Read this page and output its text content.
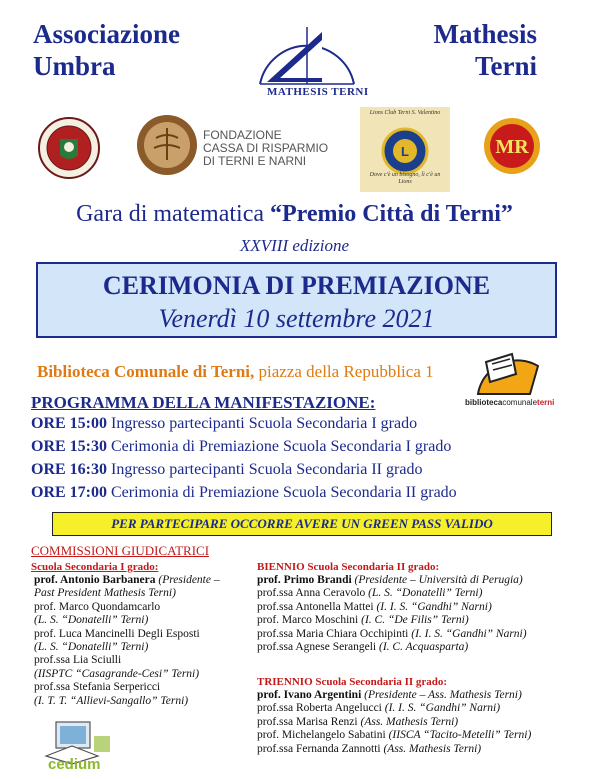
Associazione
Umbra
Mathesis
Terni
MATHESIS TERNI
FONDAZIONE
CASSA DI RISPARMIO
DI TERNI E NARNI
L
Lions Club Terni S. Valentino
Dove c'è un bisogno, lì c'è un Lions
MR
Gara di matematica “Premio Città di Terni”
XXVIII edizione
CERIMONIA DI PREMIAZIONE
Venerdì 10 settembre 2021
Biblioteca Comunale di Terni, piazza della Repubblica 1
bibliotecacomunaleterni
PROGRAMMA DELLA MANIFESTAZIONE:
ORE 15:00 Ingresso partecipanti Scuola Secondaria I grado
ORE 15:30 Cerimonia di Premiazione Scuola Secondaria I grado
ORE 16:30 Ingresso partecipanti Scuola Secondaria II grado
ORE 17:00 Cerimonia di Premiazione Scuola Secondaria II grado
PER PARTECIPARE OCCORRE AVERE UN GREEN PASS VALIDO
COMMISSIONI GIUDICATRICI
Scuola Secondaria I grado:	BIENNIO Scuola Secondaria II grado:
TRIENNIO Scuola Secondaria II grado:
prof. Antonio Barbanera (Presidente –
Past President Mathesis Terni)
prof. Marco Quondamcarlo
(L. S. “Donatelli” Terni)
prof. Luca Mancinelli Degli Esposti
(L. S. “Donatelli” Terni)
prof.ssa Lia Sciulli
(IISPTC “Casagrande-Cesi” Terni)
prof.ssa Stefania Serpericci
(I. T. T. “Allievi-Sangallo” Terni)
prof. Primo Brandi (Presidente – Università di Perugia)
prof.ssa Anna Ceravolo (L. S. “Donatelli” Terni)
prof.ssa Antonella Mattei (I. I. S. “Gandhi” Narni)
prof. Marco Moschini (I. C. “De Filis” Terni)
prof.ssa Maria Chiara Occhipinti (I. I. S. “Gandhi” Narni)
prof.ssa Agnese Serangeli (I. C. Acquasparta)
prof. Ivano Argentini (Presidente – Ass. Mathesis Terni)
prof.ssa Roberta Angelucci (I. I. S. “Gandhi” Narni)
prof.ssa Marisa Renzi (Ass. Mathesis Terni)
prof. Michelangelo Sabatini (IISCA “Tacito-Metelli” Terni)
prof.ssa Fernanda Zannotti (Ass. Mathesis Terni)
cedium
